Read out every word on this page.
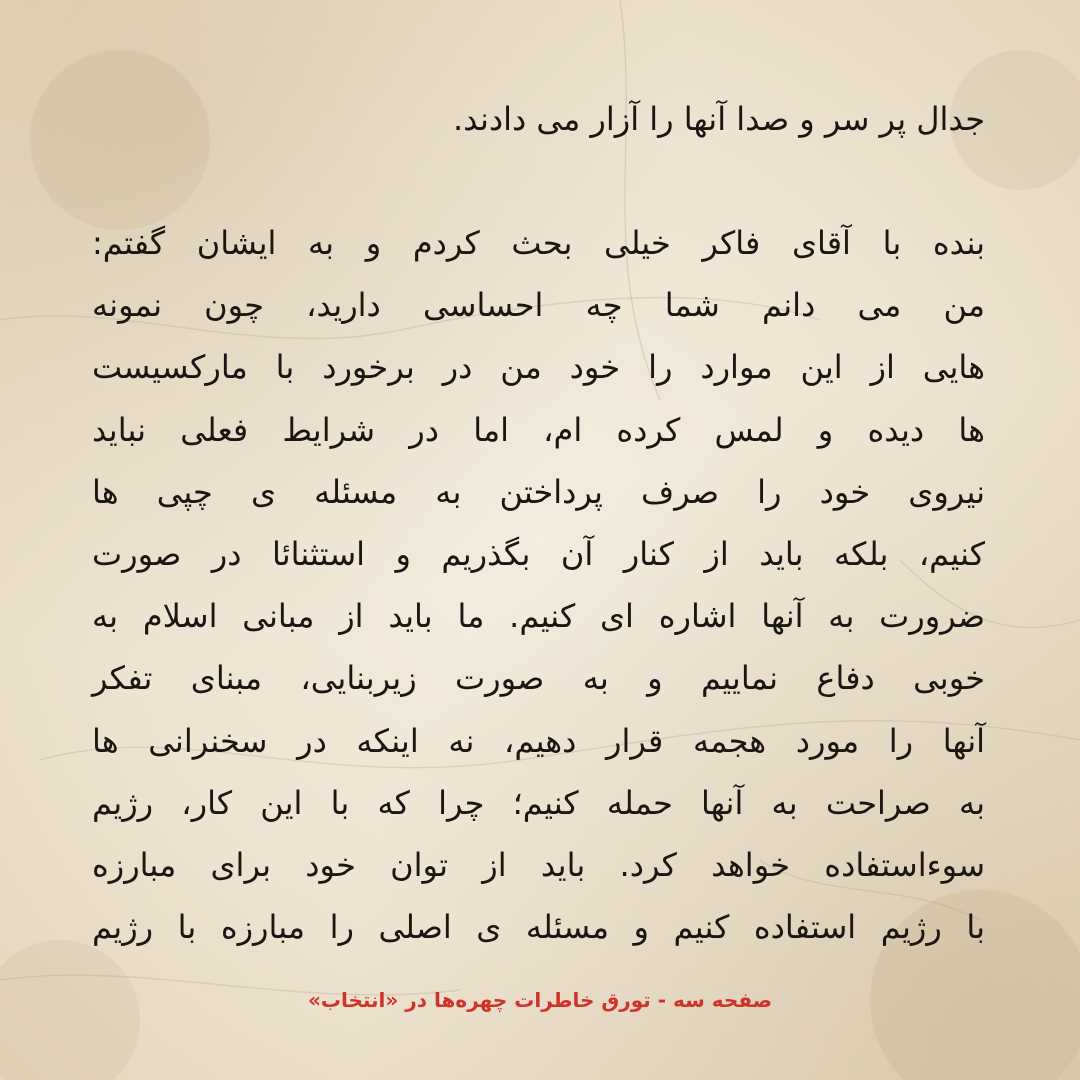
جدال پر سر و صدا آنها را آزار می دادند.

بنده با آقای فاکر خیلی بحث کردم و به ایشان گفتم:

من می دانم شما چه احساسی دارید، چون نمونه

هایی از این موارد را خود من در برخورد با مارکسیست

ها دیده و لمس کرده ام، اما در شرایط فعلی نباید

نیروی خود را صرف پرداختن به مسئله ی چپی ها

کنیم، بلکه باید از کنار آن بگذریم و استثنائا در صورت

ضرورت به آنها اشاره ای کنیم. ما باید از مبانی اسلام به

خوبی دفاع نماییم و به صورت زیربنایی، مبنای تفکر

آنها را مورد هجمه قرار دهیم، نه اینکه در سخنرانی ها

به صراحت به آنها حمله کنیم؛ چرا که با این کار، رژیم

سوءاستفاده خواهد کرد. باید از توان خود برای مبارزه

با رژیم استفاده کنیم و مسئله ی اصلی را مبارزه با رژیم

صفحه سه - تورق خاطرات چهره‌ها در «انتخاب»
